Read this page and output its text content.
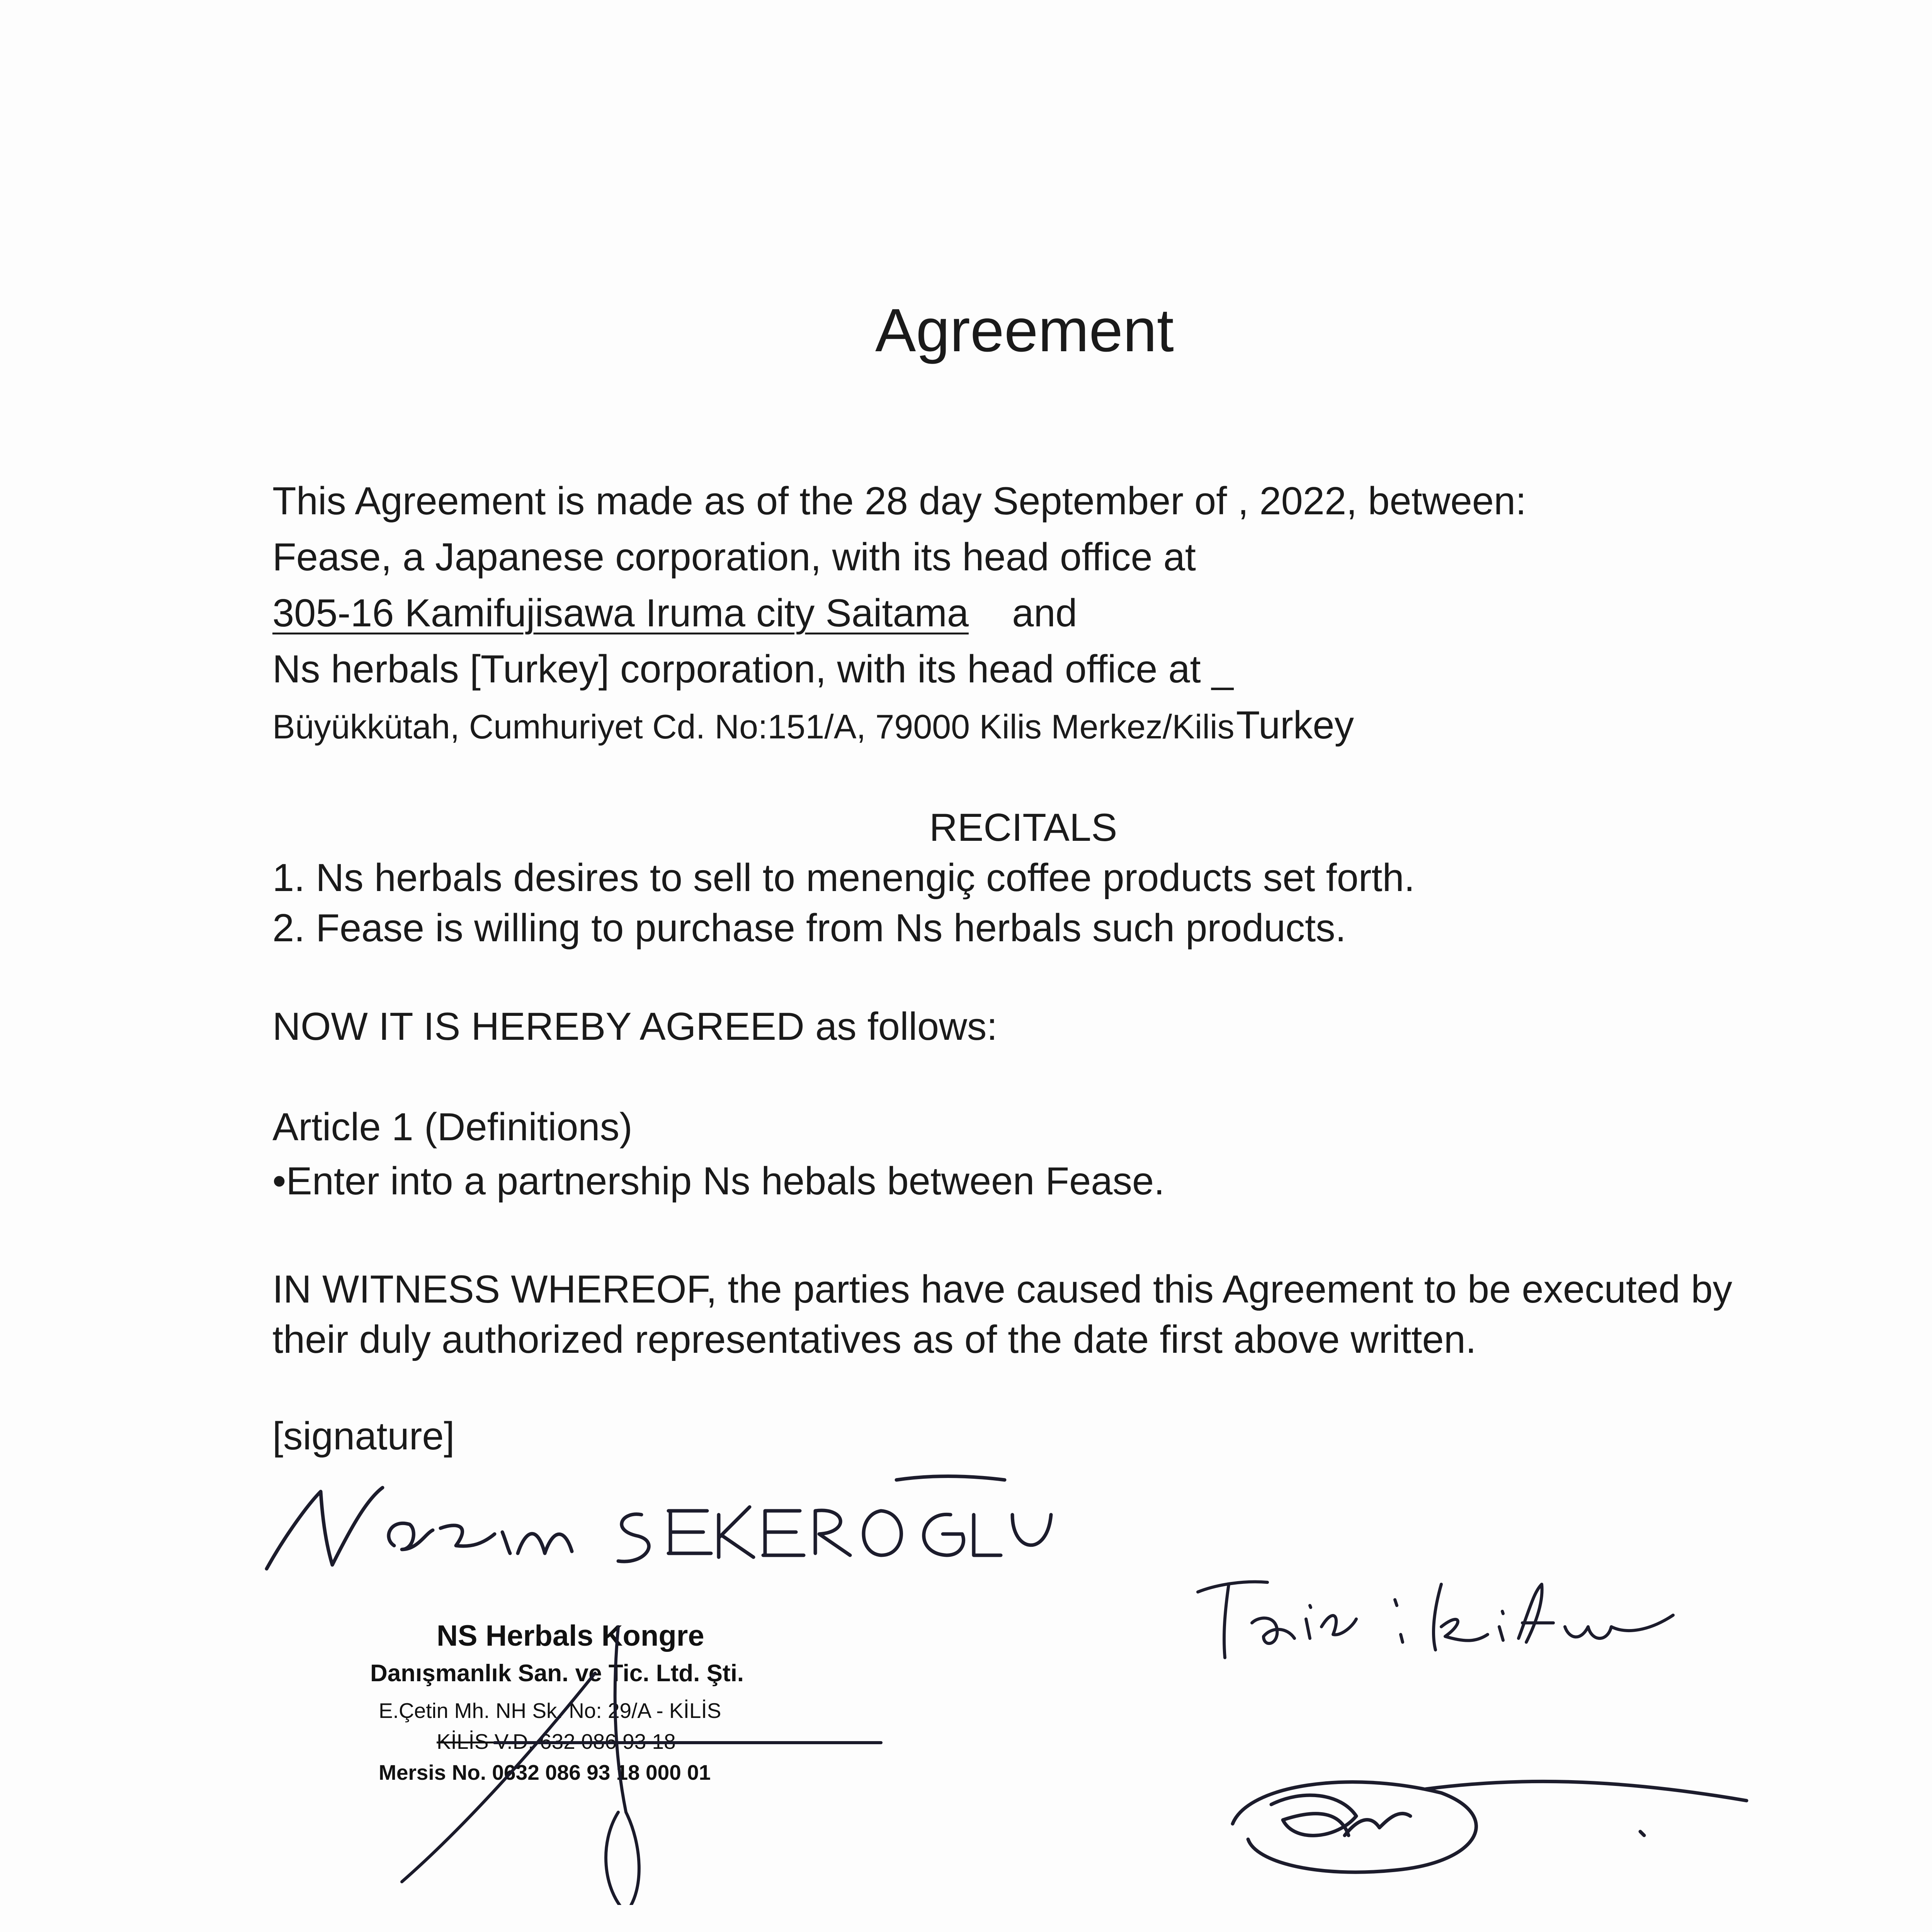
Agreement
This Agreement is made as of the 28 day September of , 2022, between:
Fease, a Japanese corporation, with its head office at
305-16 Kamifujisawa Iruma city Saitama and
Ns herbals [Turkey] corporation, with its head office at _
Büyükkütah, Cumhuriyet Cd. No:151/A, 79000 Kilis Merkez/Kilis Turkey
RECITALS
1. Ns herbals desires to sell to menengiç coffee products set forth.
2. Fease is willing to purchase from Ns herbals such products.
NOW IT IS HEREBY AGREED as follows:
Article 1 (Definitions)
•Enter into a partnership Ns hebals between Fease.
IN WITNESS WHEREOF, the parties have caused this Agreement to be executed by
their duly authorized representatives as of the date first above written.
[signature]
NS Herbals Kongre
Danışmanlık San. ve Tic. Ltd. Şti.
E.Çetin Mh. NH Sk. No: 29/A - KİLİS
KİLİS V.D. 632 086 93 18
Mersis No. 0632 086 93 18 000 01
